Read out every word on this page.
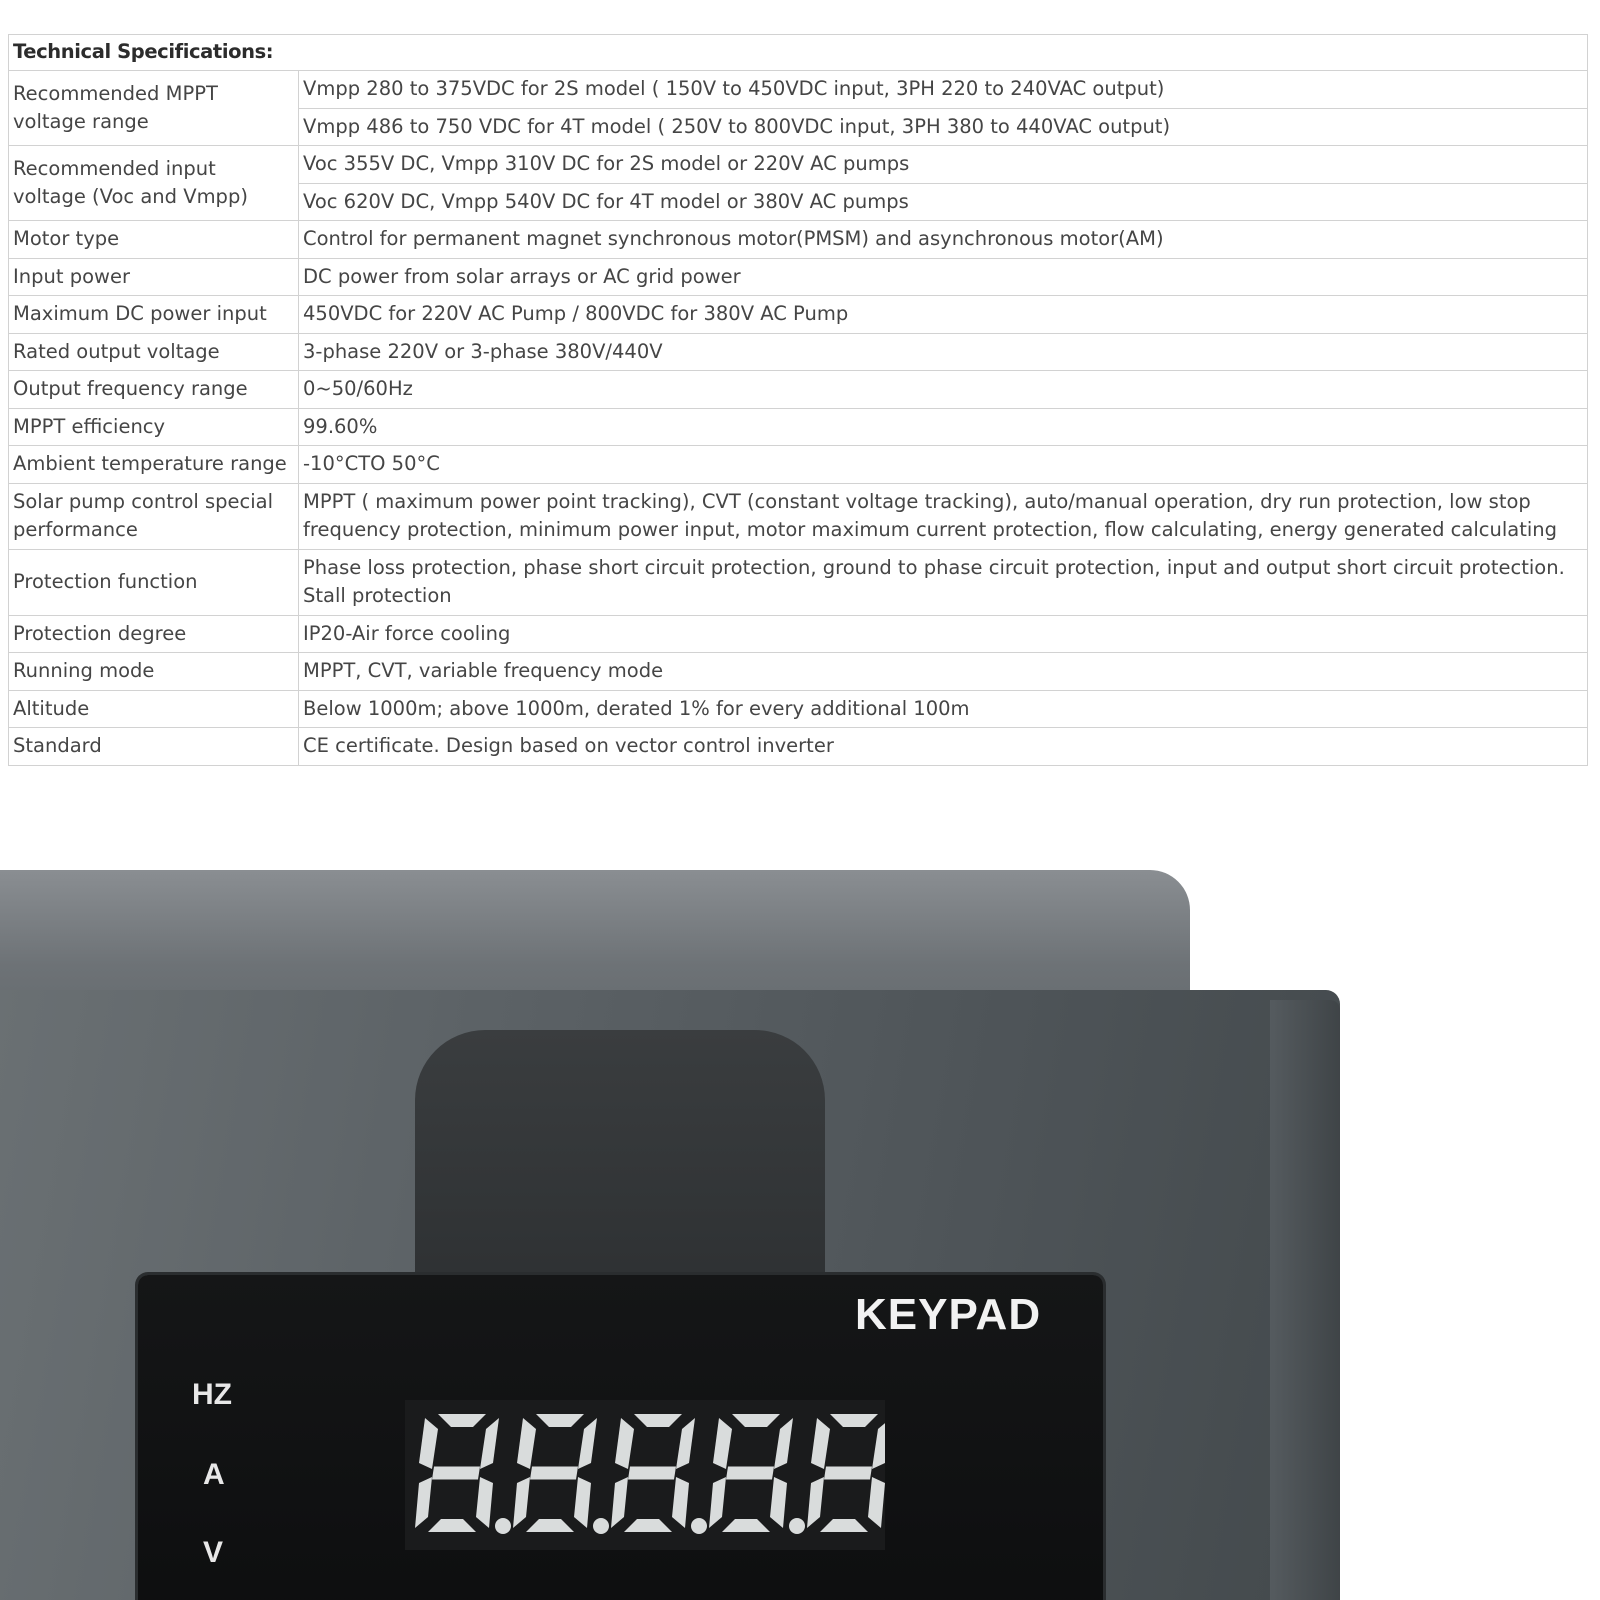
Technical Specifications:	
Recommended MPPT voltage range	Vmpp 280 to 375VDC for 2S model ( 150V to 450VDC input, 3PH 220 to 240VAC output)
	Vmpp 486 to 750 VDC for 4T model ( 250V to 800VDC input, 3PH 380 to 440VAC output)
Recommended input voltage (Voc and Vmpp)	Voc 355V DC, Vmpp 310V DC for 2S model or 220V AC pumps
	Voc 620V DC, Vmpp 540V DC for 4T model or 380V AC pumps
Motor type	Control for permanent magnet synchronous motor(PMSM) and asynchronous motor(AM)
Input power	DC power from solar arrays or AC grid power
Maximum DC power input	450VDC for 220V AC Pump / 800VDC for 380V AC Pump
Rated output voltage	3-phase 220V or 3-phase 380V/440V
Output frequency range	0~50/60Hz
MPPT efficiency	99.60%
Ambient temperature range	-10°CTO 50°C
Solar pump control special performance	MPPT ( maximum power point tracking), CVT (constant voltage tracking), auto/manual operation, dry run protection, low stop frequency protection, minimum power input, motor maximum current protection, flow calculating, energy generated calculating
Protection function	Phase loss protection, phase short circuit protection, ground to phase circuit protection, input and output short circuit protection. Stall protection
Protection degree	IP20-Air force cooling
Running mode	MPPT, CVT, variable frequency mode
Altitude	Below 1000m; above 1000m, derated 1% for every additional 100m
Standard	CE certificate. Design based on vector control inverter
KEYPAD
HZ
A
V
